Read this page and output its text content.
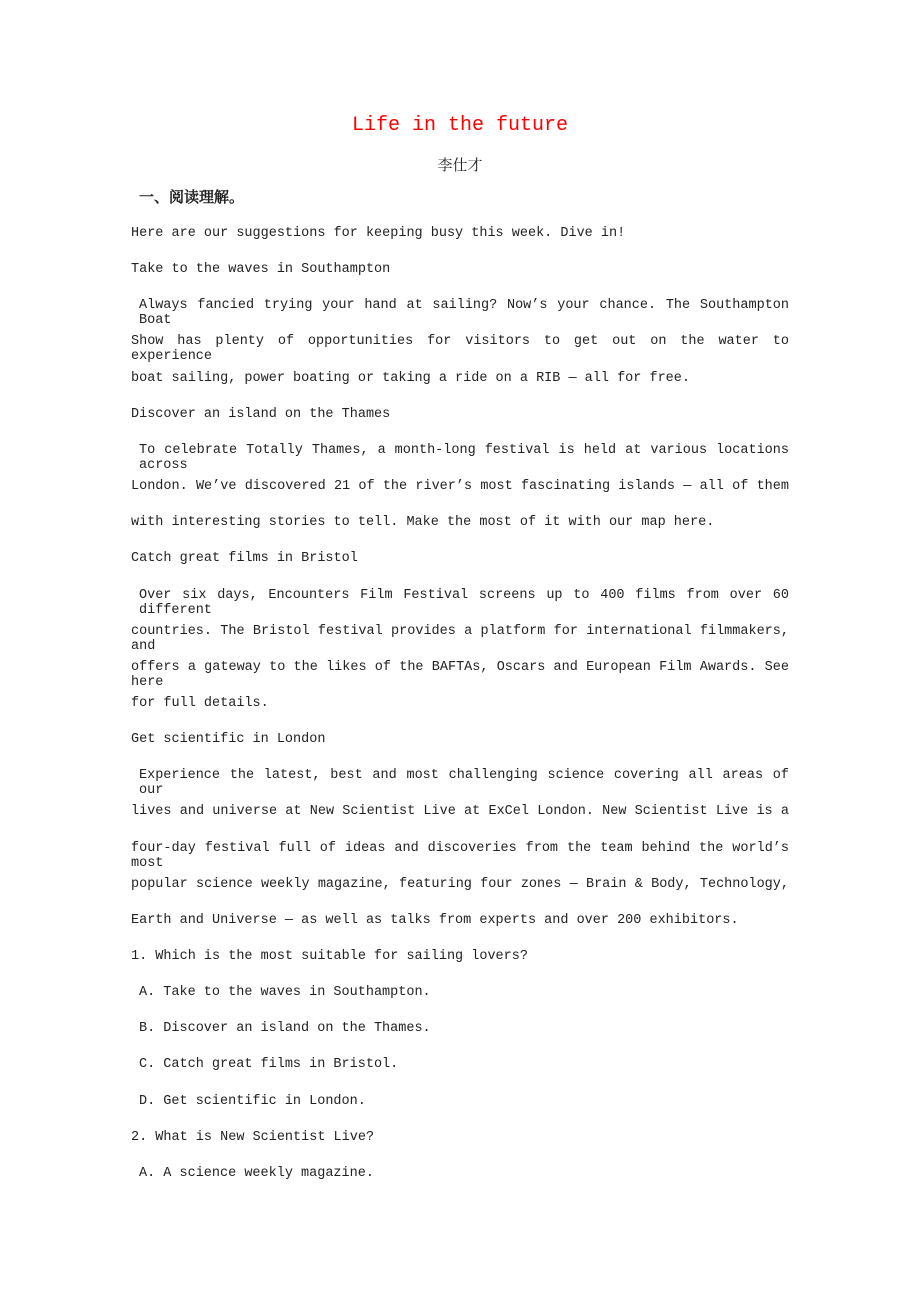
Life in the future
李仕才
一、阅读理解。
Here are our suggestions for keeping busy this week. Dive in!
Take to the waves in Southampton
Always fancied trying your hand at sailing? Now’s your chance. The Southampton Boat
Show has plenty of opportunities for visitors to get out on the water to experience
boat sailing, power boating or taking a ride on a RIB — all for free.
Discover an island on the Thames
To celebrate Totally Thames, a month-long festival is held at various locations across
London. We’ve discovered 21 of the river’s most fascinating islands — all of them
with interesting stories to tell. Make the most of it with our map here.
Catch great films in Bristol
Over six days, Encounters Film Festival screens up to 400 films from over 60 different
countries. The Bristol festival provides a platform for international filmmakers, and
offers a gateway to the likes of the BAFTAs, Oscars and European Film Awards. See here
for full details.
Get scientific in London
Experience the latest, best and most challenging science covering all areas of our
lives and universe at New Scientist Live at ExCel London. New Scientist Live is a
four-day festival full of ideas and discoveries from the team behind the world’s most
popular science weekly magazine, featuring four zones — Brain & Body, Technology,
Earth and Universe — as well as talks from experts and over 200 exhibitors.
1. Which is the most suitable for sailing lovers?
A. Take to the waves in Southampton.
B. Discover an island on the Thames.
C. Catch great films in Bristol.
D. Get scientific in London.
2. What is New Scientist Live?
A. A science weekly magazine.
